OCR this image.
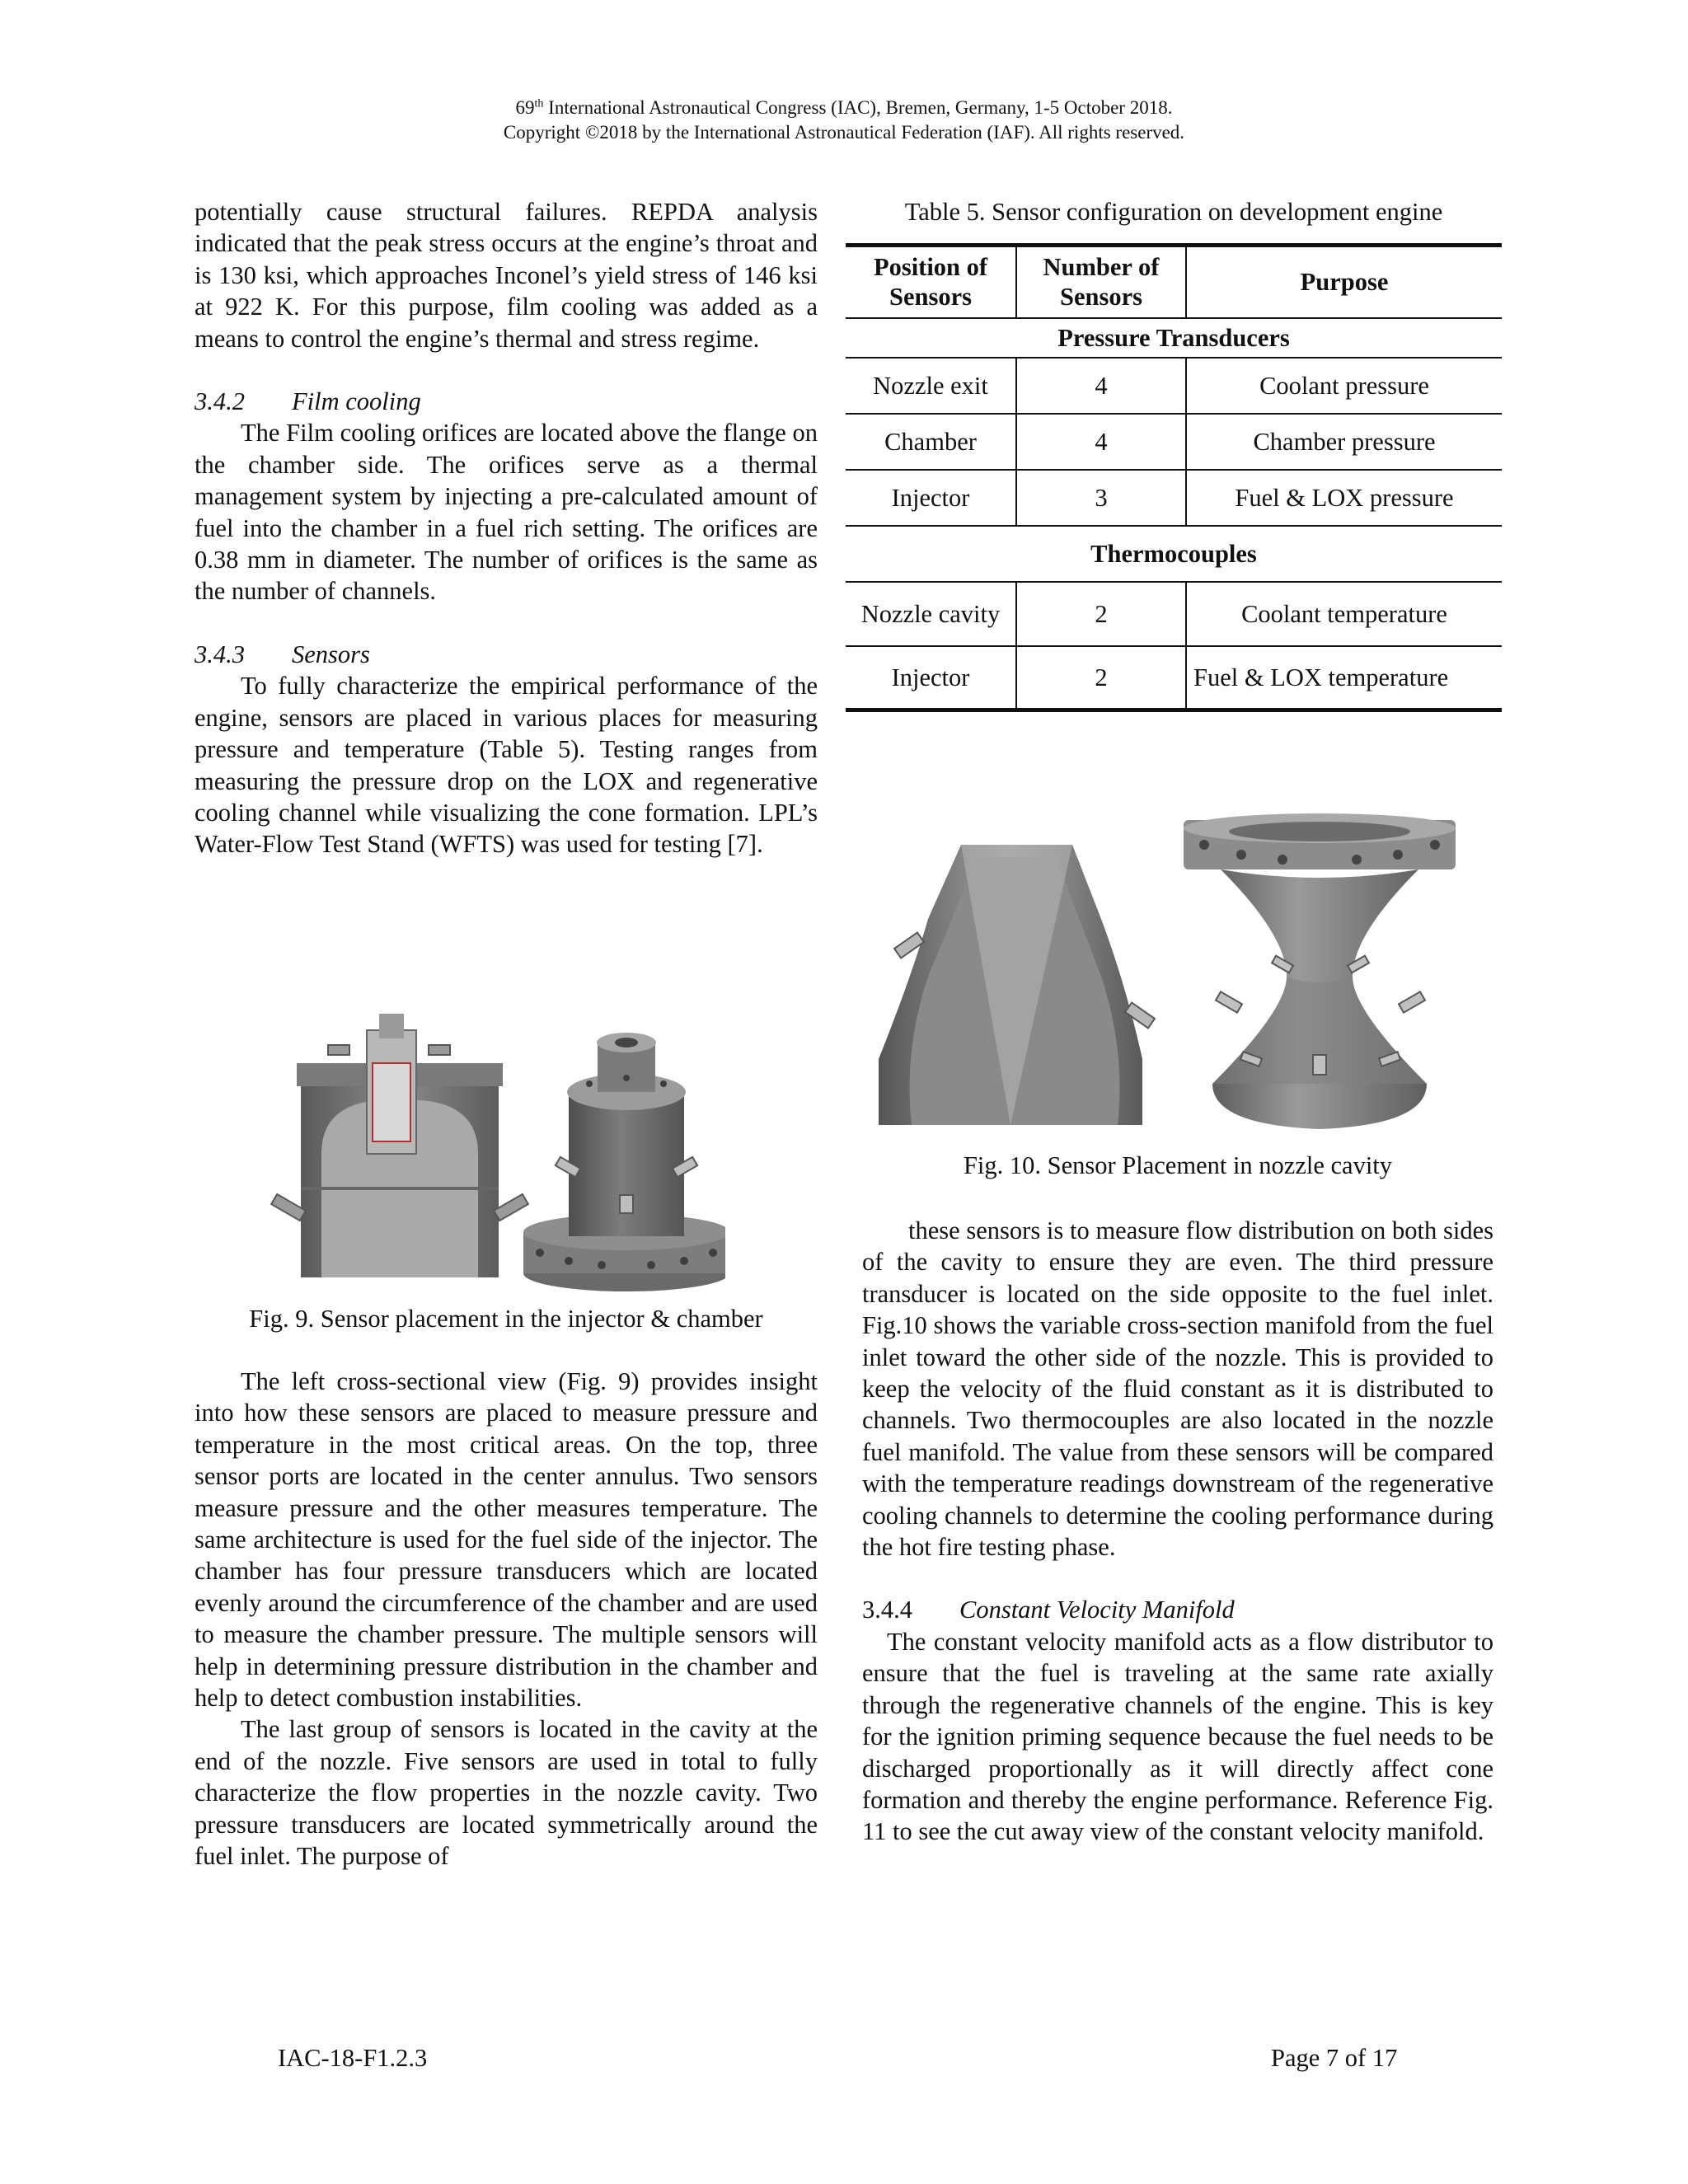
69th International Astronautical Congress (IAC), Bremen, Germany, 1-5 October 2018.
Copyright ©2018 by the International Astronautical Federation (IAF). All rights reserved.

potentially cause structural failures. REPDA analysis indicated that the peak stress occurs at the engine’s throat and is 130 ksi, which approaches Inconel’s yield stress of 146 ksi at 922 K. For this purpose, film cooling was added as a means to control the engine’s thermal and stress regime.

3.4.2 Film cooling

The Film cooling orifices are located above the flange on the chamber side. The orifices serve as a thermal management system by injecting a pre-calculated amount of fuel into the chamber in a fuel rich setting. The orifices are 0.38 mm in diameter. The number of orifices is the same as the number of channels.

3.4.3 Sensors

To fully characterize the empirical performance of the engine, sensors are placed in various places for measuring pressure and temperature (Table 5). Testing ranges from measuring the pressure drop on the LOX and regenerative cooling channel while visualizing the cone formation. LPL’s Water-Flow Test Stand (WFTS) was used for testing [7].

Fig. 9. Sensor placement in the injector & chamber

The left cross-sectional view (Fig. 9) provides insight into how these sensors are placed to measure pressure and temperature in the most critical areas. On the top, three sensor ports are located in the center annulus. Two sensors measure pressure and the other measures temperature. The same architecture is used for the fuel side of the injector. The chamber has four pressure transducers which are located evenly around the circumference of the chamber and are used to measure the chamber pressure. The multiple sensors will help in determining pressure distribution in the chamber and help to detect combustion instabilities.

The last group of sensors is located in the cavity at the end of the nozzle. Five sensors are used in total to fully characterize the flow properties in the nozzle cavity. Two pressure transducers are located symmetrically around the fuel inlet. The purpose of

Table 5. Sensor configuration on development engine
Position of Sensors	Number of Sensors	Purpose
Pressure Transducers		
Nozzle exit	4	Coolant pressure
Chamber	4	Chamber pressure
Injector	3	Fuel & LOX pressure
Thermocouples		
Nozzle cavity	2	Coolant temperature
Injector	2	Fuel & LOX temperature
Fig. 10. Sensor Placement in nozzle cavity

these sensors is to measure flow distribution on both sides of the cavity to ensure they are even. The third pressure transducer is located on the side opposite to the fuel inlet. Fig.10 shows the variable cross-section manifold from the fuel inlet toward the other side of the nozzle. This is provided to keep the velocity of the fluid constant as it is distributed to channels. Two thermocouples are also located in the nozzle fuel manifold. The value from these sensors will be compared with the temperature readings downstream of the regenerative cooling channels to determine the cooling performance during the hot fire testing phase.

3.4.4 Constant Velocity Manifold

The constant velocity manifold acts as a flow distributor to ensure that the fuel is traveling at the same rate axially through the regenerative channels of the engine. This is key for the ignition priming sequence because the fuel needs to be discharged proportionally as it will directly affect cone formation and thereby the engine performance. Reference Fig. 11 to see the cut away view of the constant velocity manifold.

IAC-18-F1.2.3	Page 7 of 17
